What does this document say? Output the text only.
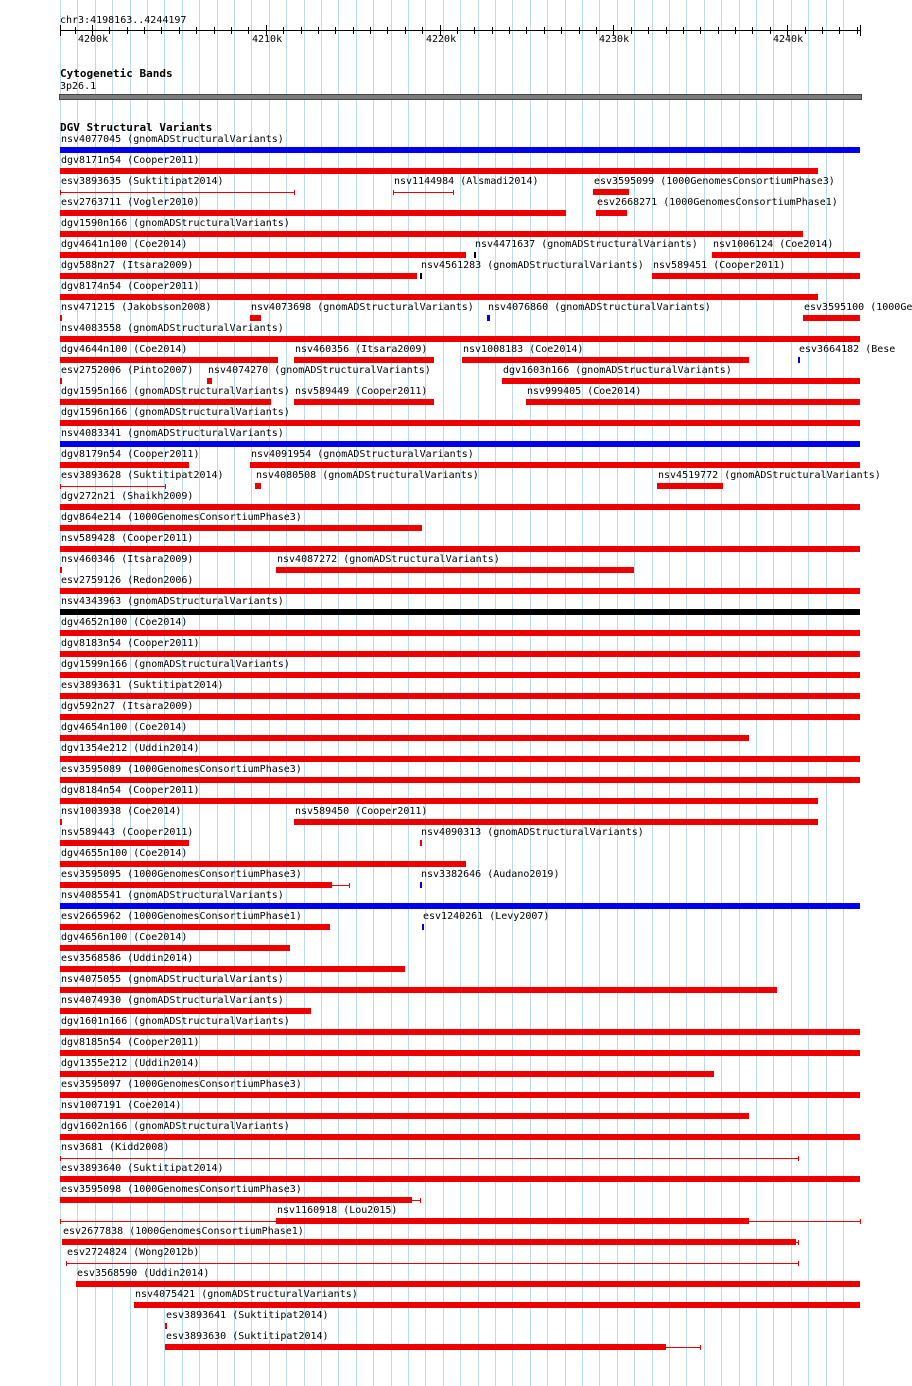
chr3:4198163..4244197
4200k	4210k	4220k	4230k	4240k
Cytogenetic Bands
3p26.1
DGV Structural Variants
nsv4077045 (gnomADStructuralVariants)
dgv8171n54 (Cooper2011)
esv3893635 (Suktitipat2014)	nsv1144984 (Alsmadi2014)	esv3595099 (1000GenomesConsortiumPhase3)
esv2763711 (Vogler2010)	esv2668271 (1000GenomesConsortiumPhase1)
dgv1590n166 (gnomADStructuralVariants)
dgv4641n100 (Coe2014)	nsv4471637 (gnomADStructuralVariants) nsv1006124 (Coe2014)
dgv588n27 (Itsara2009)	nsv4561283 (gnomADStructuralVariants) nsv589451 (Cooper2011)
dgv8174n54 (Cooper2011)
nsv471215 (Jakobsson2008)	nsv4073698 (gnomADStructuralVariants) nsv4076860 (gnomADStructuralVariants)	esv3595100 (1000Ge
nsv4083558 (gnomADStructuralVariants)
dgv4644n100 (Coe2014)	nsv460356 (Itsara2009)	nsv1008183 (Coe2014)	esv3664182 (Bese
esv2752006 (Pinto2007) nsv4074270 (gnomADStructuralVariants)	dgv1603n166 (gnomADStructuralVariants)
dgv1595n166 (gnomADStructuralVariants) nsv589449 (Cooper2011)	nsv999405 (Coe2014)
dgv1596n166 (gnomADStructuralVariants)
nsv4083341 (gnomADStructuralVariants)
dgv8179n54 (Cooper2011)	nsv4091954 (gnomADStructuralVariants)
esv3893628 (Suktitipat2014)	nsv4080508 (gnomADStructuralVariants)	nsv4519772 (gnomADStructuralVariants)
dgv272n21 (Shaikh2009)
dgv864e214 (1000GenomesConsortiumPhase3)
nsv589428 (Cooper2011)
nsv460346 (Itsara2009)	nsv4087272 (gnomADStructuralVariants)
esv2759126 (Redon2006)
nsv4343963 (gnomADStructuralVariants)
dgv4652n100 (Coe2014)
dgv8183n54 (Cooper2011)
dgv1599n166 (gnomADStructuralVariants)
esv3893631 (Suktitipat2014)
dgv592n27 (Itsara2009)
dgv4654n100 (Coe2014)
dgv1354e212 (Uddin2014)
esv3595089 (1000GenomesConsortiumPhase3)
dgv8184n54 (Cooper2011)
nsv1003938 (Coe2014)	nsv589450 (Cooper2011)
nsv589443 (Cooper2011)	nsv4090313 (gnomADStructuralVariants)
dgv4655n100 (Coe2014)
esv3595095 (1000GenomesConsortiumPhase3)	nsv3382646 (Audano2019)
nsv4085541 (gnomADStructuralVariants)
esv2665962 (1000GenomesConsortiumPhase1)	esv1240261 (Levy2007)
dgv4656n100 (Coe2014)
esv3568586 (Uddin2014)
nsv4075055 (gnomADStructuralVariants)
nsv4074930 (gnomADStructuralVariants)
dgv1601n166 (gnomADStructuralVariants)
dgv8185n54 (Cooper2011)
dgv1355e212 (Uddin2014)
esv3595097 (1000GenomesConsortiumPhase3)
nsv1007191 (Coe2014)
dgv1602n166 (gnomADStructuralVariants)
nsv3681 (Kidd2008)
esv3893640 (Suktitipat2014)
esv3595098 (1000GenomesConsortiumPhase3)
nsv1160918 (Lou2015)
esv2677838 (1000GenomesConsortiumPhase1)
esv2724824 (Wong2012b)
esv3568590 (Uddin2014)
nsv4075421 (gnomADStructuralVariants)
esv3893641 (Suktitipat2014)
esv3893630 (Suktitipat2014)
